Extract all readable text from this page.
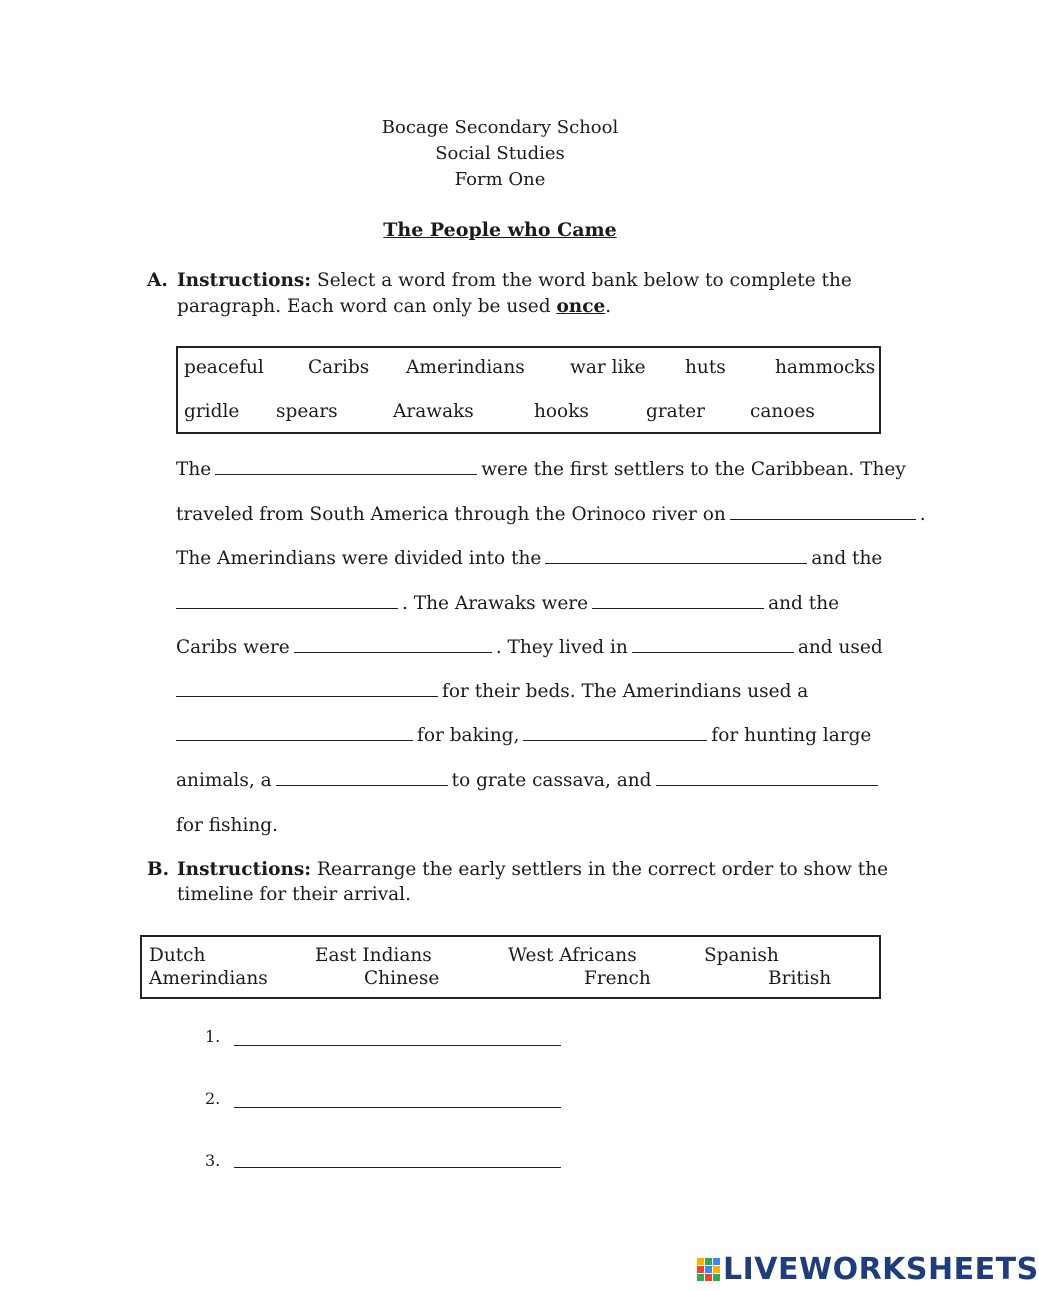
Bocage Secondary School
Social Studies
Form One
The People who Came
A. Instructions: Select a word from the word bank below to complete the
paragraph. Each word can only be used once.
peaceful Caribs Amerindians war like huts	hammocks
gridle spears	Arawaks	hooks	grater canoes
The	were the first settlers to the Caribbean. They
traveled from South America through the Orinoco river on	.
The Amerindians were divided into the	and the
. The Arawaks were	and the
Caribs were	. They lived in	and used
for their beds. The Amerindians used a
for baking,	for hunting large
animals, a	to grate cassava, and
for fishing.
B. Instructions: Rearrange the early settlers in the correct order to show the
timeline for their arrival.
Dutch	East Indians	West Africans	Spanish
Amerindians	Chinese	French	British
1.
2.
3.
LIVEWORKSHEETS
